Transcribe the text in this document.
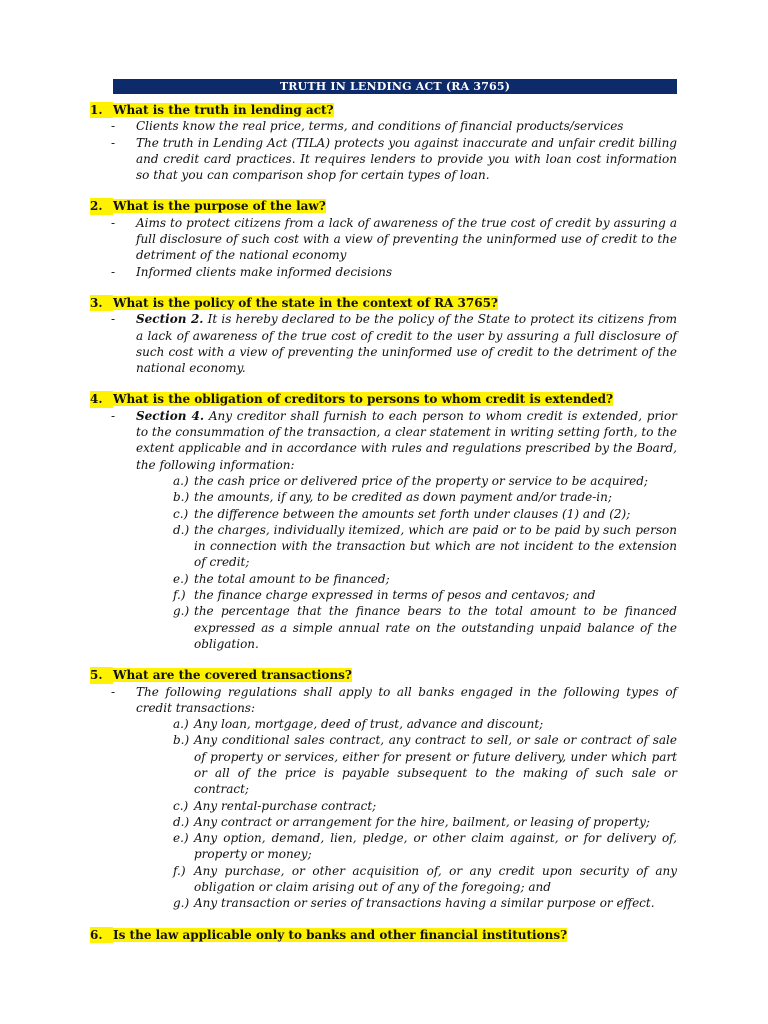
TRUTH IN LENDING ACT (RA 3765)
1. What is the truth in lending act?
- Clients know the real price, terms, and conditions of financial products/services
- The truth in Lending Act (TILA) protects you against inaccurate and unfair credit billing and credit card practices. It requires lenders to provide you with loan cost information so that you can comparison shop for certain types of loan.
2. What is the purpose of the law?
- Aims to protect citizens from a lack of awareness of the true cost of credit by assuring a full disclosure of such cost with a view of preventing the uninformed use of credit to the detriment of the national economy
- Informed clients make informed decisions
3. What is the policy of the state in the context of RA 3765?
- Section 2. It is hereby declared to be the policy of the State to protect its citizens from a lack of awareness of the true cost of credit to the user by assuring a full disclosure of such cost with a view of preventing the uninformed use of credit to the detriment of the national economy.
4. What is the obligation of creditors to persons to whom credit is extended?
- Section 4. Any creditor shall furnish to each person to whom credit is extended, prior to the consummation of the transaction, a clear statement in writing setting forth, to the extent applicable and in accordance with rules and regulations prescribed by the Board, the following information:
a.) the cash price or delivered price of the property or service to be acquired;
b.) the amounts, if any, to be credited as down payment and/or trade-in;
c.) the difference between the amounts set forth under clauses (1) and (2);
d.) the charges, individually itemized, which are paid or to be paid by such person in connection with the transaction but which are not incident to the extension of credit;
e.) the total amount to be financed;
f.) the finance charge expressed in terms of pesos and centavos; and
g.) the percentage that the finance bears to the total amount to be financed expressed as a simple annual rate on the outstanding unpaid balance of the obligation.
5. What are the covered transactions?
- The following regulations shall apply to all banks engaged in the following types of credit transactions:
a.) Any loan, mortgage, deed of trust, advance and discount;
b.) Any conditional sales contract, any contract to sell, or sale or contract of sale of property or services, either for present or future delivery, under which part or all of the price is payable subsequent to the making of such sale or contract;
c.) Any rental-purchase contract;
d.) Any contract or arrangement for the hire, bailment, or leasing of property;
e.) Any option, demand, lien, pledge, or other claim against, or for delivery of, property or money;
f.) Any purchase, or other acquisition of, or any credit upon security of any obligation or claim arising out of any of the foregoing; and
g.) Any transaction or series of transactions having a similar purpose or effect.
6. Is the law applicable only to banks and other financial institutions?
